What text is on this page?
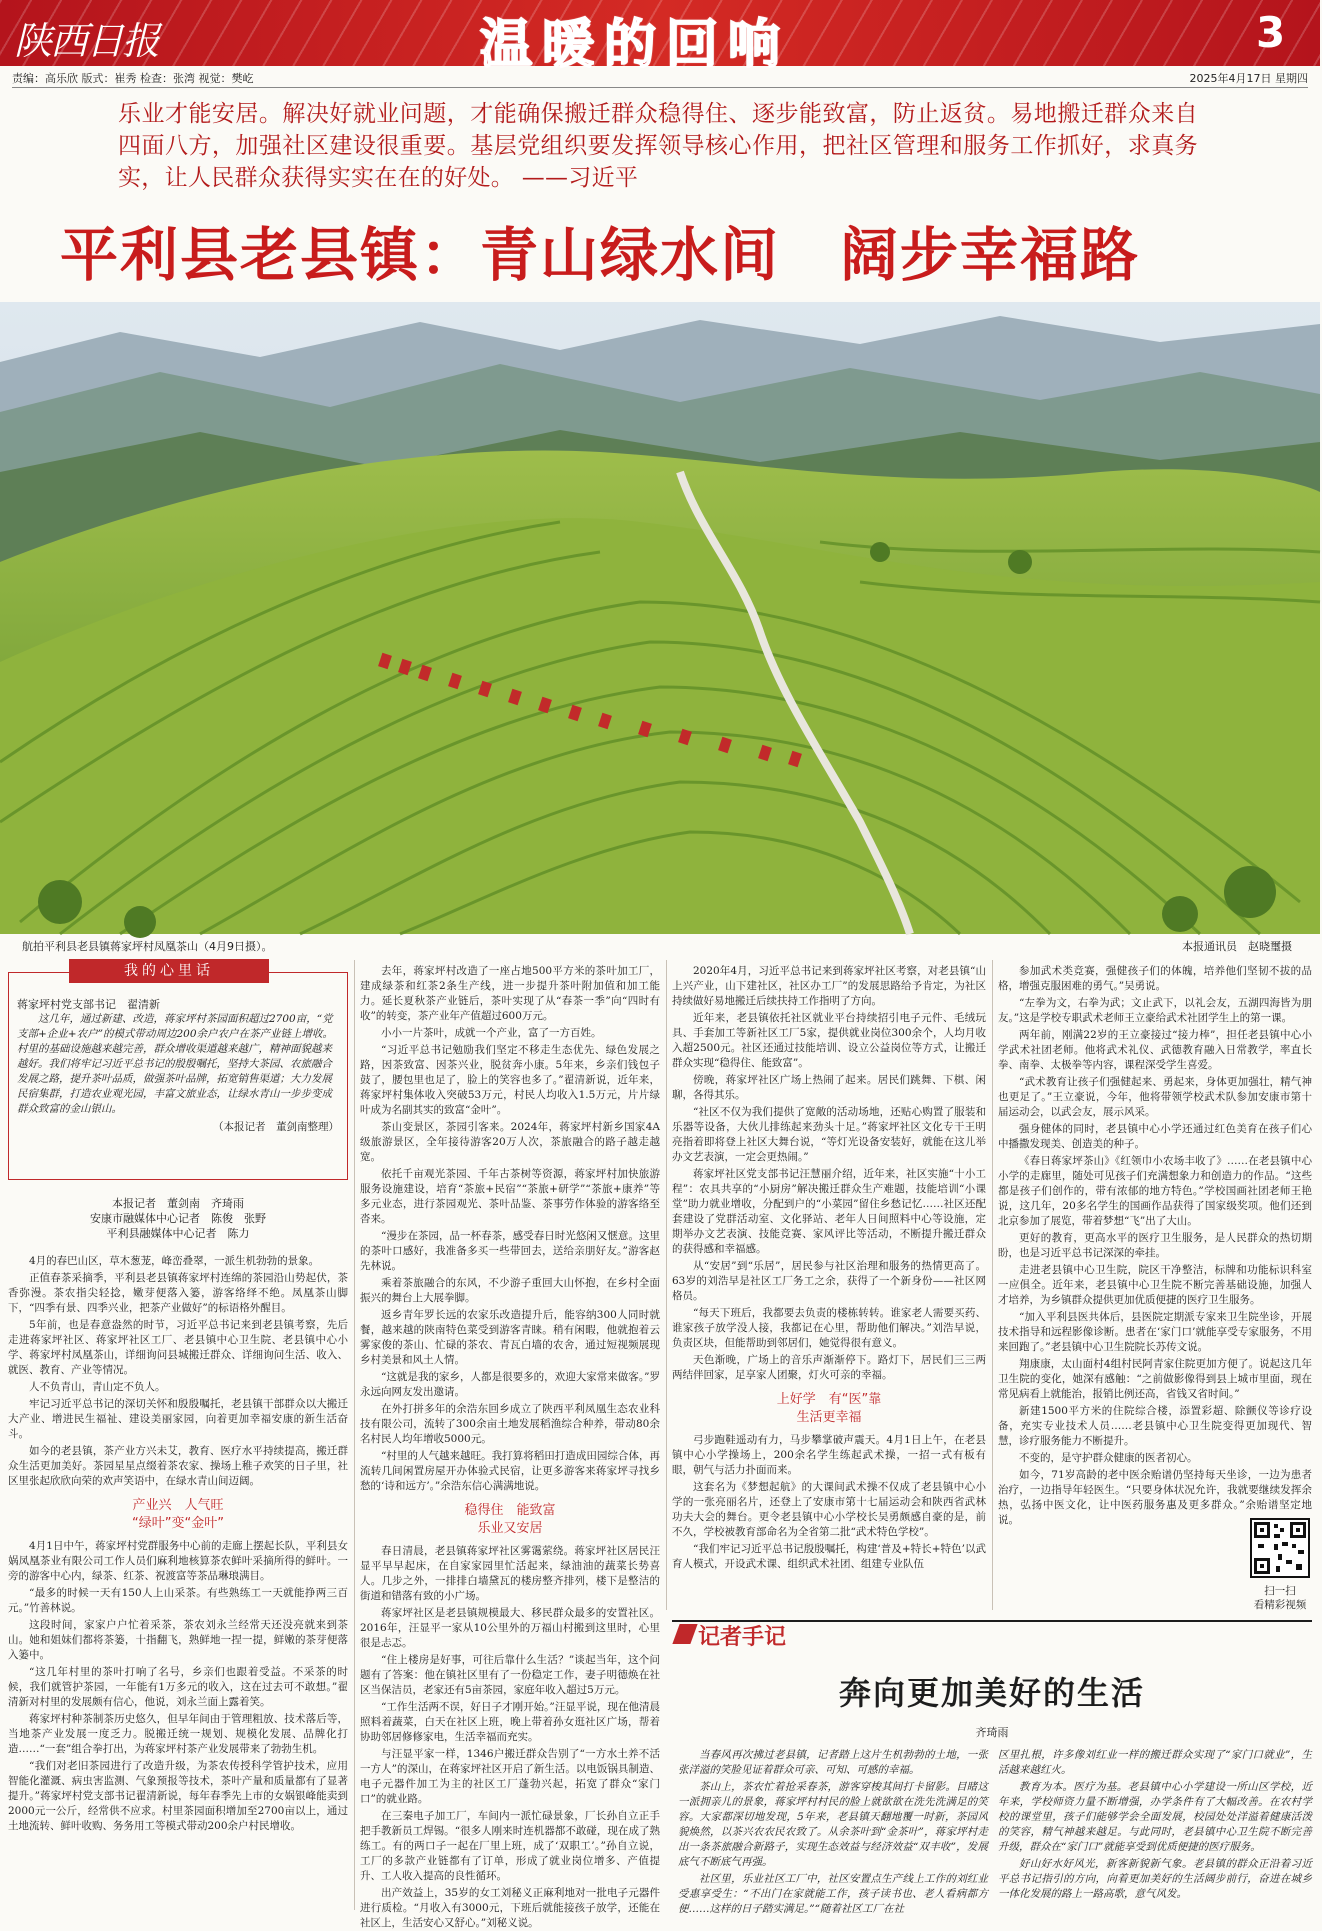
陕西日报	温暖的回响	3
责编：高乐欣 版式：崔秀 检查：张湾 视觉：樊屹	2025年4月17日 星期四
乐业才能安居。解决好就业问题，才能确保搬迁群众稳得住、逐步能致富，防止返贫。易地搬迁群众来自四面八方，加强社区建设很重要。基层党组织要发挥领导核心作用，把社区管理和服务工作抓好，求真务实，让人民群众获得实实在在的好处。 ——习近平
平利县老县镇：青山绿水间　阔步幸福路
航拍平利县老县镇蒋家坪村凤凰茶山（4月9日摄）。	本报通讯员　赵晓璽摄
我的心里话
蒋家坪村党支部书记　翟清新
这几年，通过新建、改造，蒋家坪村茶园面积超过2700亩，“党支部+企业+农户”的模式带动周边200余户农户在茶产业链上增收。村里的基础设施越来越完善，群众增收渠道越来越广，精神面貌越来越好。我们将牢记习近平总书记的殷殷嘱托，坚持大茶园、农旅融合发展之路，提升茶叶品质，做强茶叶品牌，拓宽销售渠道；大力发展民宿集群，打造农业观光园，丰富文旅业态，让绿水青山一步步变成群众致富的金山银山。
（本报记者　董剑南整理）
本报记者　董剑南　齐琦雨
安康市融媒体中心记者　陈俊　张野
平利县融媒体中心记者　陈力

4月的春巴山区，草木葱茏，峰峦叠翠，一派生机勃勃的景象。

正值春茶采摘季，平利县老县镇蒋家坪村连绵的茶园沿山势起伏，茶香弥漫。茶农指尖轻捻，嫩芽便落入篓，游客络绎不绝。凤凰茶山脚下，“四季有景、四季兴业，把茶产业做好”的标语格外醒目。

5年前，也是春意盎然的时节，习近平总书记来到老县镇考察，先后走进蒋家坪社区、蒋家坪社区工厂、老县镇中心卫生院、老县镇中心小学、蒋家坪村凤凰茶山，详细询问县城搬迁群众、详细询问生活、收入、就医、教育、产业等情况。

人不负青山，青山定不负人。

牢记习近平总书记的深切关怀和殷殷嘱托，老县镇干部群众以大搬迁大产业、增进民生福祉、建设美丽家园，向着更加幸福安康的新生活奋斗。

如今的老县镇，茶产业方兴未艾，教育、医疗水平持续提高，搬迁群众生活更加美好。茶园星星点缀着茶农家、操场上稚子欢笑的日子里，社区里张起欣欣向荣的欢声笑语中，在绿水青山间迈阔。

产业兴　人气旺
“绿叶”变“金叶”

4月1日中午，蒋家坪村党群服务中心前的走廊上摆起长队，平利县女娲凤凰茶业有限公司工作人员们麻利地核算茶农鲜叶采摘所得的鲜叶。一旁的游客中心内，绿茶、红茶、祝渡富等茶品琳琅满目。

“最多的时候一天有150人上山采茶。有些熟练工一天就能挣两三百元。”竹善林说。

这段时间，家家户户忙着采茶，茶农刘永兰经常天还没亮就来到茶山。她和姐妹们都将茶篓，十指翻飞，熟鲜地一捏一提，鲜嫩的茶芽便落入篓中。

“这几年村里的茶叶打响了名号，乡亲们也跟着受益。不采茶的时候，我们就管护茶园，一年能有1万多元的收入，这在过去可不敢想。”翟清新对村里的发展颇有信心，他说，刘永兰面上露着笑。

蒋家坪村种茶制茶历史悠久，但早年间由于管理粗放、技术落后等，当地茶产业发展一度乏力。脱搬迁统一规划、规模化发展、品牌化打造……“一套”组合拳打出，为蒋家坪村茶产业发展带来了勃勃生机。

“我们对老旧茶园进行了改造升级，为茶农传授科学管护技术，应用智能化灌溉、病虫害监测、气象预报等技术，茶叶产量和质量都有了显著提升。”蒋家坪村党支部书记翟清新说，每年春季先上市的女娲银峰能卖到2000元一公斤，经常供不应求。村里茶园面积增加至2700亩以上，通过土地流转、鲜叶收购、务务用工等模式带动200余户村民增收。

去年，蒋家坪村改造了一座占地500平方米的茶叶加工厂，建成绿茶和红茶2条生产线，进一步提升茶叶附加值和加工能力。延长夏秋茶产业链后，茶叶实现了从“春茶一季”向“四时有收”的转变，茶产业年产值超过600万元。

小小一片茶叶，成就一个产业，富了一方百姓。

“习近平总书记勉励我们坚定不移走生态优先、绿色发展之路，因茶致富、因茶兴业，脱贫奔小康。5年来，乡亲们钱包子鼓了，腰包里也足了，脸上的笑容也多了。”翟清新说，近年来，蒋家坪村集体收入突破53万元，村民人均收入1.5万元，片片绿叶成为名副其实的致富“金叶”。

茶山变景区，茶园引客来。2024年，蒋家坪村新乡国家4A级旅游景区，全年接待游客20万人次，茶旅融合的路子越走越宽。

依托千亩观光茶园、千年古茶树等资源，蒋家坪村加快旅游服务设施建设，培育“茶旅+民宿”“茶旅+研学”“茶旅+康养”等多元业态，进行茶园观光、茶叶品鉴、茶事劳作体验的游客络至沓来。

“漫步在茶园，品一杯春茶，感受春日时光悠闲又惬意。这里的茶叶口感好，我准备多买一些带回去，送给亲朋好友。”游客赵先林说。

乘着茶旅融合的东风，不少游子重回大山怀抱，在乡村全面振兴的舞台上大展拳脚。

返乡青年罗长远的农家乐改造提升后，能容纳300人同时就餐，越来越的陕南特色菜受到游客青睐。稍有闲暇，他就抱着云雾家俊的茶山、忙碌的茶农、青瓦白墙的农舍，通过短视频展现乡村美景和风土人情。

“这就是我的家乡，人都是很要多的，欢迎大家常来做客。”罗永远向网友发出邀请。

在外打拼多年的余浩东回乡成立了陕西平利凤凰生态农业科技有限公司，流转了300余亩土地发展稻渔综合种养，带动80余名村民人均年增收5000元。

“村里的人气越来越旺。我打算将稻田打造成田园综合体，再流转几间闲置房屋开办体验式民宿，让更多游客来蒋家坪寻找乡愁的‘诗和远方’。”余浩东信心满满地说。

稳得住　能致富
乐业又安居

春日清晨，老县镇蒋家坪社区雾霭萦绕。蒋家坪社区居民汪显平早早起床，在自家家园里忙活起来，绿油油的蔬菜长势喜人。几步之外，一排排白墙黛瓦的楼房整齐排列，楼下是整洁的街道和错落有致的小广场。

蒋家坪社区是老县镇规模最大、移民群众最多的安置社区。2016年，汪显平一家从10公里外的万福山村搬到这里时，心里很是忐忑。

“住上楼房是好事，可往后靠什么生活？”谈起当年，这个问题有了答案：他在镇社区里有了一份稳定工作，妻子明德焕在社区当保洁员，老家还有5亩茶园，家庭年收入超过5万元。

“工作生活两不误，好日子才刚开始。”汪显平说，现在他清晨照料着蔬菜，白天在社区上班，晚上带着孙女逛社区广场，帮着协助邻居修修家电，生活幸福而充实。

与汪显平家一样，1346户搬迁群众告别了“一方水土养不活一方人”的深山，在蒋家坪社区开启了新生活。以电饭锅具制造、电子元器件加工为主的社区工厂蓬勃兴起，拓宽了群众“家门口”的就业路。

在三秦电子加工厂，车间内一派忙碌景象，厂长孙自立正手把手教新员工焊锡。“很多人刚来时连机器都不敢碰，现在成了熟练工。有的两口子一起在厂里上班，成了‘双职工’。”孙自立说，工厂的多款产业链都有了订单，形成了就业岗位增多、产值提升、工人收入提高的良性循环。

出产效益上，35岁的女工刘秘义正麻利地对一批电子元器件进行质检。“月收入有3000元，下班后就能接孩子放学，还能在社区上，生活安心又舒心。”刘秘义说。

2020年4月，习近平总书记来到蒋家坪社区考察，对老县镇“山上兴产业，山下建社区，社区办工厂”的发展思路给予肯定，为社区持续做好易地搬迁后续扶持工作指明了方向。

近年来，老县镇依托社区就业平台持续招引电子元件、毛绒玩具、手套加工等新社区工厂5家，提供就业岗位300余个，人均月收入超2500元。社区还通过技能培训、设立公益岗位等方式，让搬迁群众实现“稳得住、能致富”。

傍晚，蒋家坪社区广场上热闹了起来。居民们跳舞、下棋、闲聊，各得其乐。

“社区不仅为我们提供了宽敞的活动场地，还贴心购置了服装和乐器等设备，大伙儿排练起来劲头十足。”蒋家坪社区文化专干王明亮指着即将登上社区大舞台说，“等灯光设备安装好，就能在这儿举办文艺表演，一定会更热闹。”

蒋家坪社区党支部书记汪慧丽介绍，近年来，社区实施“十小工程”：农具共享的“小厨房”解决搬迁群众生产难题，技能培训“小课堂”助力就业增收，分配到户的“小菜园”留住乡愁记忆……社区还配套建设了党群活动室、文化驿站、老年人日间照料中心等设施，定期举办文艺表演、技能竞赛、家风评比等活动，不断提升搬迁群众的获得感和幸福感。

从“安居”到“乐居”，居民参与社区治理和服务的热情更高了。63岁的刘浩早是社区工厂务工之余，获得了一个新身份——社区网格员。

“每天下班后，我都要去负责的楼栋转转。谁家老人需要买药、谁家孩子放学没人接，我都记在心里，帮助他们解决。”刘浩早说，负责区块，但能帮助到邻居们，她觉得很有意义。

天色渐晚，广场上的音乐声渐渐停下。路灯下，居民们三三两两结伴回家，足享家人团聚，灯火可亲的幸福。

上好学　有“医”靠
生活更幸福

弓步跑鞋遥动有力，马步攀掌破声震天。4月1日上午，在老县镇中心小学操场上，200余名学生练起武术操，一招一式有板有眼，朝气与活力扑面而来。

这套名为《梦想起航》的大课间武术操不仅成了老县镇中心小学的一张亮丽名片，还登上了安康市第十七届运动会和陕西省武林功夫大会的舞台。更令老县镇中心小学校长吴勇颇感自豪的是，前不久，学校被教育部命名为全省第二批“武术特色学校”。

“我们牢记习近平总书记殷殷嘱托，构建‘普及+特长+特色’以武育人模式，开设武术课、组织武术社团、组建专业队伍

参加武术类竞赛，强健孩子们的体魄，培养他们坚韧不拔的品格，增强克服困难的勇气。”吴勇说。

“左拳为文，右拳为武；文止武下，以礼会友，五湖四海皆为朋友。”这是学校专职武术老师王立豪给武术社团学生上的第一课。

两年前，刚满22岁的王立豪接过“接力棒”，担任老县镇中心小学武术社团老师。他将武术礼仪、武德教育融入日常教学，率直长拳、南拳、太极拳等内容，课程深受学生喜爱。

“武术教育让孩子们强健起来、勇起来，身体更加强壮，精气神也更足了。”王立豪说，今年，他将带领学校武术队参加安康市第十届运动会，以武会友，展示风采。

强身健体的同时，老县镇中心小学还通过红色美育在孩子们心中播撒发现美、创造美的种子。

《春日蒋家坪茶山》《红领巾小农场丰收了》……在老县镇中心小学的走廊里，随处可见孩子们充满想象力和创造力的作品。“这些都是孩子们创作的，带有浓郁的地方特色。”学校国画社团老师王艳说，这几年，20多名学生的国画作品获得了国家级奖项。他们还到北京参加了展览，带着梦想“飞”出了大山。

更好的教育，更高水平的医疗卫生服务，是人民群众的热切期盼，也是习近平总书记深深的牵挂。

走进老县镇中心卫生院，院区干净整洁，标牌和功能标识科室一应俱全。近年来，老县镇中心卫生院不断完善基础设施，加强人才培养，为乡镇群众提供更加优质便捷的医疗卫生服务。

“加入平利县医共体后，县医院定期派专家来卫生院坐诊，开展技术指导和远程影像诊断。患者在‘家门口’就能享受专家服务，不用来回跑了。”老县镇中心卫生院院长苏传文说。

翔康康，太山面村4组村民阿青家住院更加方便了。说起这几年卫生院的变化，她深有感触：“之前做影像得到县上城市里面，现在常见病看上就能治，报销比例还高，省钱又省时间。”

新建1500平方米的住院综合楼，添置彩超、除颤仪等诊疗设备，充实专业技术人员……老县镇中心卫生院变得更加现代、智慧，诊疗服务能力不断提升。

不变的，是守护群众健康的医者初心。

如今，71岁高龄的老中医余贻谱仍坚持每天坐诊，一边为患者治疗，一边指导年轻医生。“只要身体状况允许，我就要继续发挥余热，弘扬中医文化，让中医药服务惠及更多群众。”余贻谱坚定地说。

扫一扫
看精彩视频
记者手记
奔向更加美好的生活
齐琦雨

当春风再次拂过老县镇，记者踏上这片生机勃勃的土地，一张张洋溢的笑脸见证着群众可亲、可知、可感的幸福。

茶山上，茶农忙着抢采春茶，游客穿梭其间打卡留影。目睹这一派拥亲儿的景象，蒋家坪村村民的脸上就欲欲在洗先洗满足的笑容。大家都深切地发现，5年来，老县镇天翻地覆一时新，茶园风貌焕然，以茶兴农农民农致了。从余茶叶到“金茶叶”，蒋家坪村走出一条茶旅融合新路子，实现生态效益与经济效益“双丰收”，发展底气不断底气再强。

社区里，乐业社区工厂中，社区安置点生产线上工作的刘红业受惠享受生：“不出门在家就能工作，孩子读书也、老人看病都方便……这样的日子踏实满足。”“随着社区工厂在社

区里扎根，许多像刘红业一样的搬迁群众实现了“家门口就业”，生活越来越红火。

教育为本。医疗为基。老县镇中心小学建设一所山区学校，近年来，学校师资力量不断增强，办学条件有了大幅改善。在农村学校的课堂里，孩子们能够学会全面发展，校园处处洋溢着健康活泼的笑容，精气神越来越足。与此同时，老县镇中心卫生院不断完善升级，群众在“家门口”就能享受到优质便捷的医疗服务。

好山好水好风光，新客新貌新气象。老县镇的群众正沿着习近平总书记指引的方向，向着更加美好的生活阔步前行，奋进在城乡一体化发展的路上一路高歌，意气风发。
